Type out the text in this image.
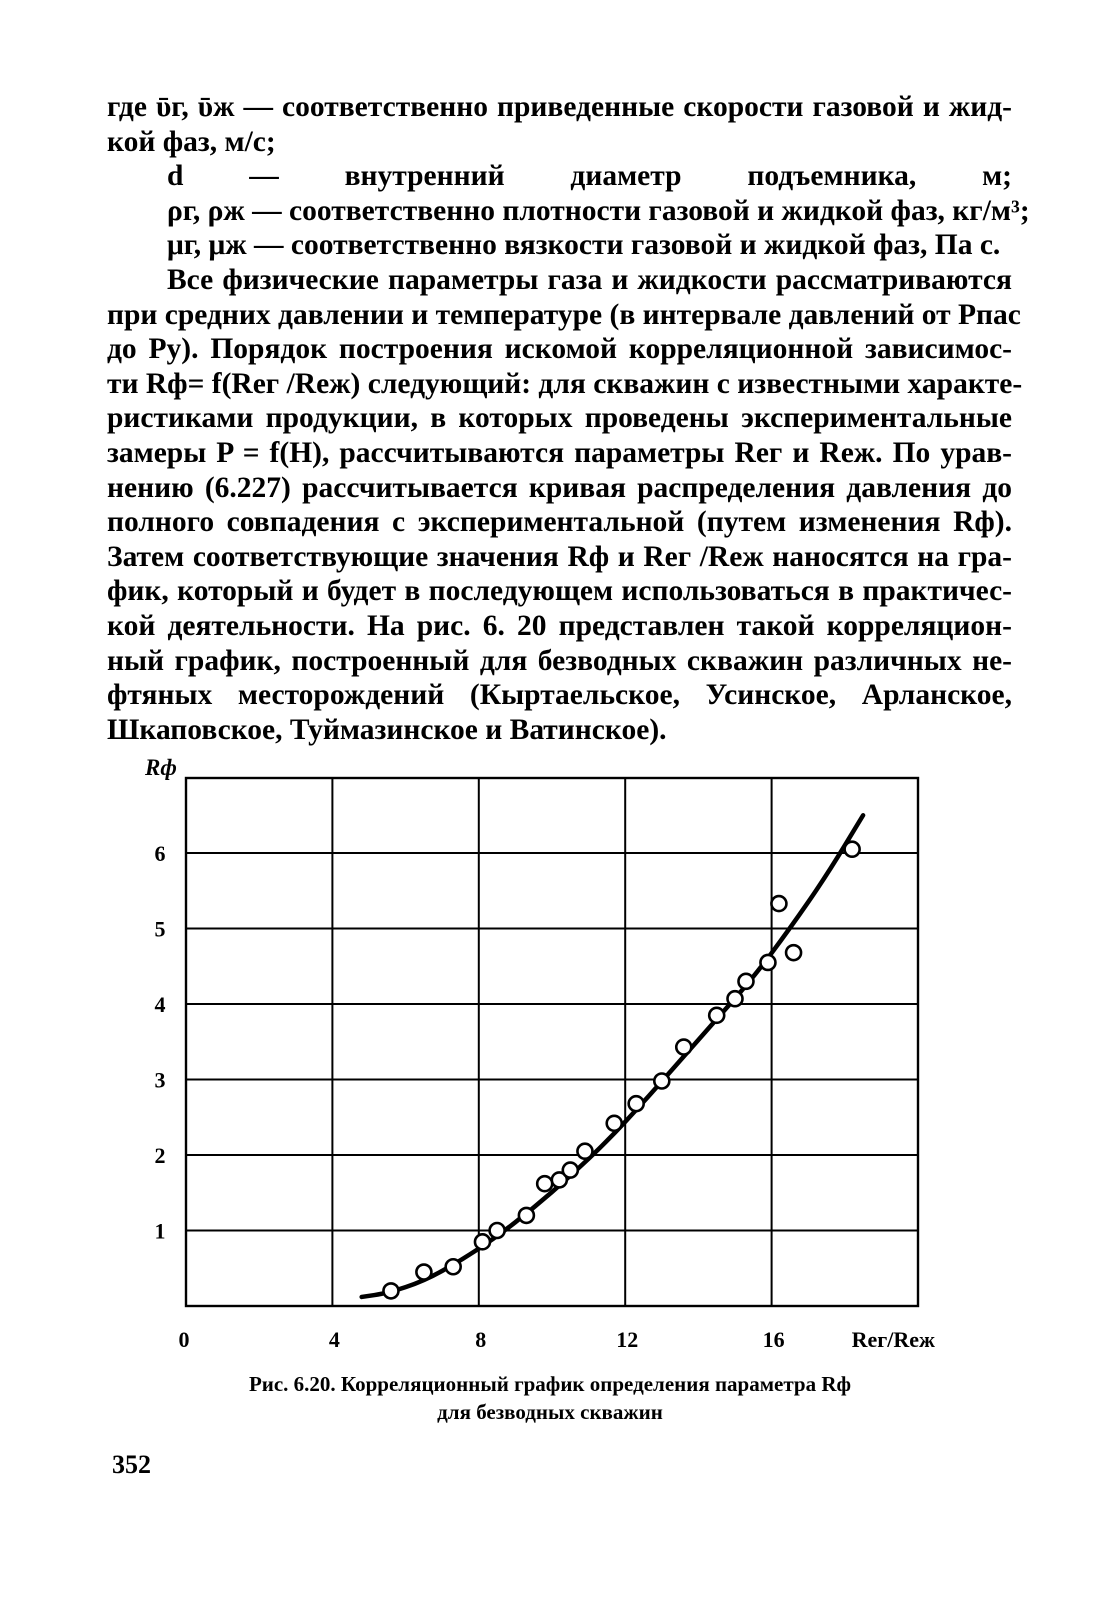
где ῡг, ῡж — соответственно приведенные скорости газовой и жид-
кой фаз, м/с;
d — внутренний диаметр подъемника, м;
ρг, ρж — соответственно плотности газовой и жидкой фаз, кг/м³;
μг, μж — соответственно вязкости газовой и жидкой фаз, Па с.
Все физические параметры газа и жидкости рассматриваются
при средних давлении и температуре (в интервале давлений от Pпас
до Pу). Порядок построения искомой корреляционной зависимос-
ти Rф= f(Reг /Reж) следующий: для скважин с известными характе-
ристиками продукции, в которых проведены экспериментальные
замеры P = f(H), рассчитываются параметры Reг и Reж. По урав-
нению (6.227) рассчитывается кривая распределения давления до
полного совпадения с экспериментальной (путем изменения Rф).
Затем соответствующие значения Rф и Reг /Reж наносятся на гра-
фик, который и будет в последующем использоваться в практичес-
кой деятельности. На рис. 6. 20 представлен такой корреляцион-
ный график, построенный для безводных скважин различных не-
фтяных месторождений (Кыртаельское, Усинское, Арланское,
Шкаповское, Туймазинское и Ватинское).
1
2
3
4
5
6
0	4	8	12	16
Rф
Reг/Reж
Рис. 6.20. Корреляционный график определения параметра Rф
для безводных скважин
352
